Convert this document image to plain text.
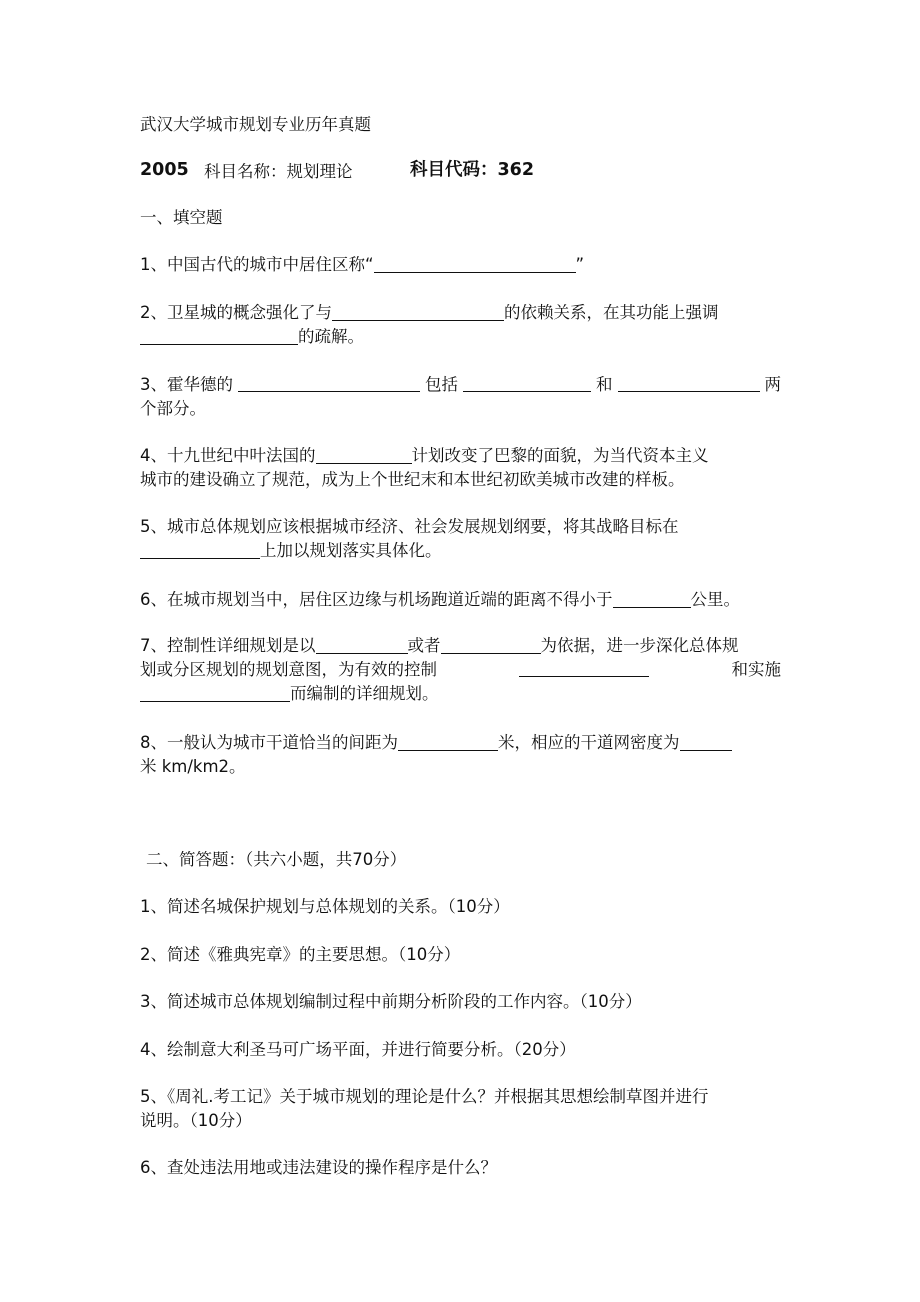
武汉大学城市规划专业历年真题
2005 科目名称：规划理论	科目代码：362
一、填空题
1、中国古代的城市中居住区称“	”
2、卫星城的概念强化了与	的依赖关系，在其功能上强调
的疏解。
3、霍华德的	包括	和	两
个部分。
4、十九世纪中叶法国的	计划改变了巴黎的面貌，为当代资本主义
城市的建设确立了规范，成为上个世纪末和本世纪初欧美城市改建的样板。
5、城市总体规划应该根据城市经济、社会发展规划纲要，将其战略目标在
上加以规划落实具体化。
6、在城市规划当中，居住区边缘与机场跑道近端的距离不得小于	公里。
7、控制性详细规划是以	或者	为依据，进一步深化总体规
划或分区规划的规划意图，为有效的控制	和实施
而编制的详细规划。
8、一般认为城市干道恰当的间距为	米，相应的干道网密度为
米 km/km2。
二、简答题：（共六小题，共70分）
1、简述名城保护规划与总体规划的关系。（10分）
2、简述《雅典宪章》的主要思想。（10分）
3、简述城市总体规划编制过程中前期分析阶段的工作内容。（10分）
4、绘制意大利圣马可广场平面，并进行简要分析。（20分）
5、《周礼.考工记》关于城市规划的理论是什么？并根据其思想绘制草图并进行
说明。（10分）
6、查处违法用地或违法建设的操作程序是什么？
